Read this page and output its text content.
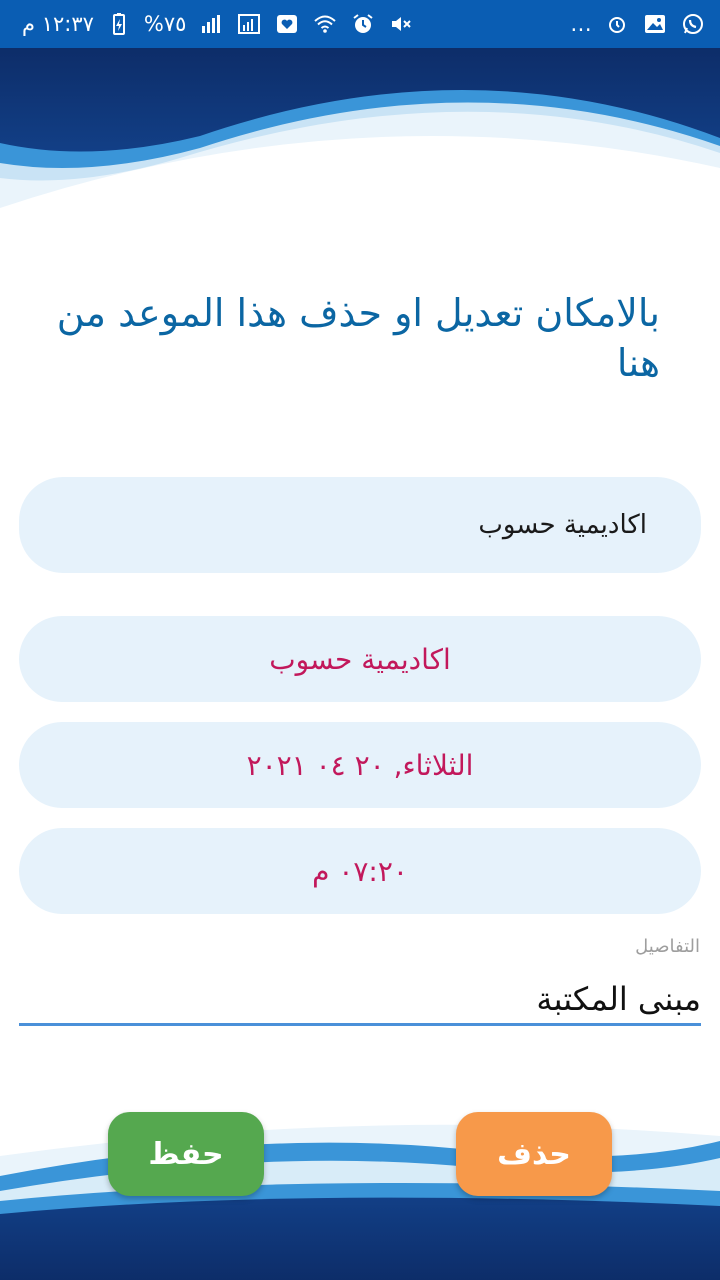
١٢:٣٧ م %٧٥	...
بالامكان تعديل او حذف هذا الموعد من هنا
اكاديمية حسوب
اكاديمية حسوب
الثلاثاء, ٢٠ ٠٤ ٢٠٢١
٠٧:٢٠ م
التفاصيل
مبنى المكتبة
حفظ	حذف
